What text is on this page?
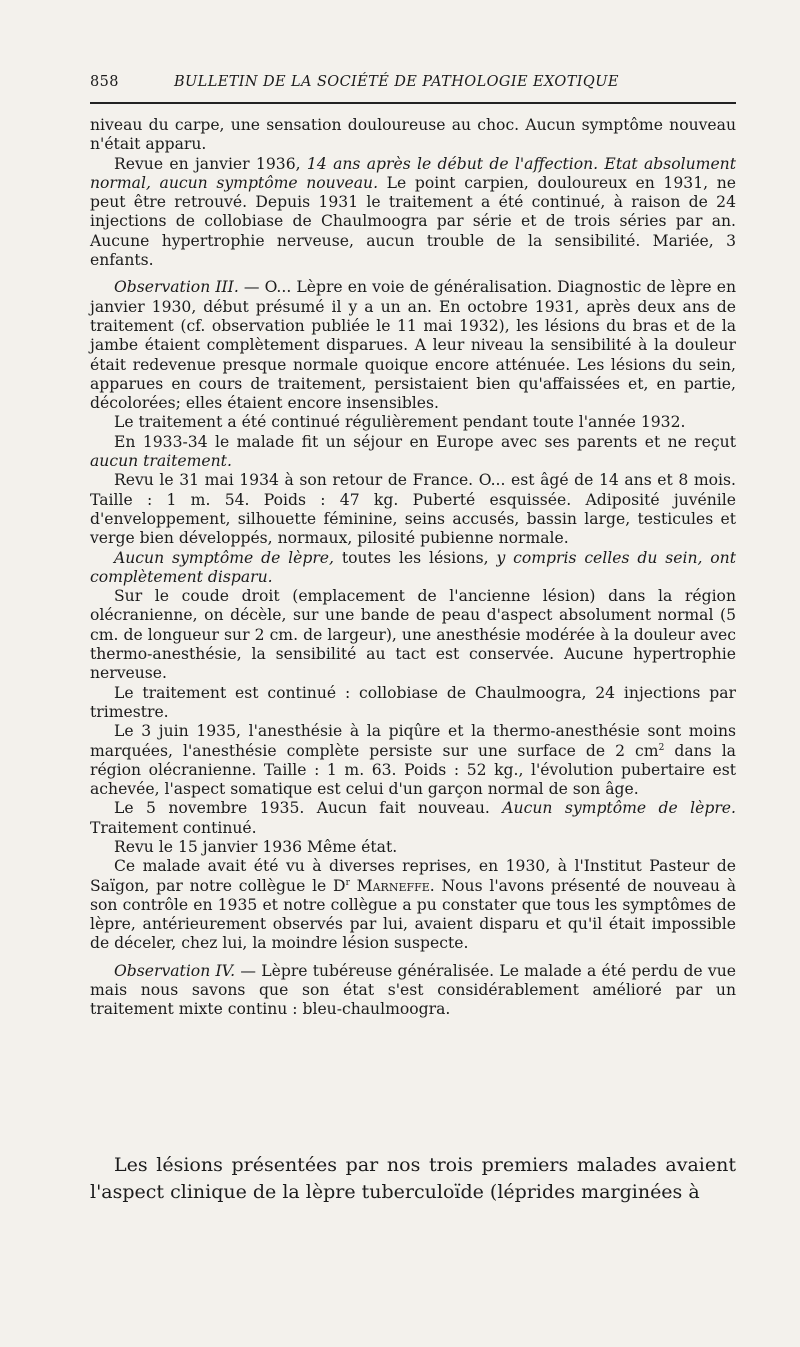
858	BULLETIN DE LA SOCIÉTÉ DE PATHOLOGIE EXOTIQUE

niveau du carpe, une sensation douloureuse au choc. Aucun symptôme nouveau n'était apparu.

Revue en janvier 1936, 14 ans après le début de l'affection. Etat absolument normal, aucun symptôme nouveau. Le point carpien, douloureux en 1931, ne peut être retrouvé. Depuis 1931 le traitement a été continué, à raison de 24 injections de collobiase de Chaulmoogra par série et de trois séries par an. Aucune hypertrophie nerveuse, aucun trouble de la sensibilité. Mariée, 3 enfants.

Observation III. — O... Lèpre en voie de généralisation. Diagnostic de lèpre en janvier 1930, début présumé il y a un an. En octobre 1931, après deux ans de traitement (cf. observation publiée le 11 mai 1932), les lésions du bras et de la jambe étaient complètement disparues. A leur niveau la sensibilité à la douleur était redevenue presque normale quoique encore atténuée. Les lésions du sein, apparues en cours de traitement, persistaient bien qu'affaissées et, en partie, décolorées; elles étaient encore insensibles.

Le traitement a été continué régulièrement pendant toute l'année 1932.

En 1933-34 le malade fit un séjour en Europe avec ses parents et ne reçut aucun traitement.

Revu le 31 mai 1934 à son retour de France. O... est âgé de 14 ans et 8 mois. Taille : 1 m. 54. Poids : 47 kg. Puberté esquissée. Adiposité juvénile d'enveloppement, silhouette féminine, seins accusés, bassin large, testicules et verge bien développés, normaux, pilosité pubienne normale.

Aucun symptôme de lèpre, toutes les lésions, y compris celles du sein, ont complètement disparu.

Sur le coude droit (emplacement de l'ancienne lésion) dans la région olécranienne, on décèle, sur une bande de peau d'aspect absolument normal (5 cm. de longueur sur 2 cm. de largeur), une anesthésie modérée à la douleur avec thermo-anesthésie, la sensibilité au tact est conservée. Aucune hypertrophie nerveuse.

Le traitement est continué : collobiase de Chaulmoogra, 24 injections par trimestre.

Le 3 juin 1935, l'anesthésie à la piqûre et la thermo-anesthésie sont moins marquées, l'anesthésie complète persiste sur une surface de 2 $cm^2$ dans la région olécranienne. Taille : 1 m. 63. Poids : 52 kg., l'évolution pubertaire est achevée, l'aspect somatique est celui d'un garçon normal de son âge.

Le 5 novembre 1935. Aucun fait nouveau. Aucun symptôme de lèpre. Traitement continué.

Revu le 15 janvier 1936 Même état.

Ce malade avait été vu à diverses reprises, en 1930, à l'Institut Pasteur de Saïgon, par notre collègue le $D^r$ Marneffe. Nous l'avons présenté de nouveau à son contrôle en 1935 et notre collègue a pu constater que tous les symptômes de lèpre, antérieurement observés par lui, avaient disparu et qu'il était impossible de déceler, chez lui, la moindre lésion suspecte.

Observation IV. — Lèpre tubéreuse généralisée. Le malade a été perdu de vue mais nous savons que son état s'est considérablement amélioré par un traitement mixte continu : bleu-chaulmoogra.

Les lésions présentées par nos trois premiers malades avaient l'aspect clinique de la lèpre tuberculoïde (léprides marginées à
